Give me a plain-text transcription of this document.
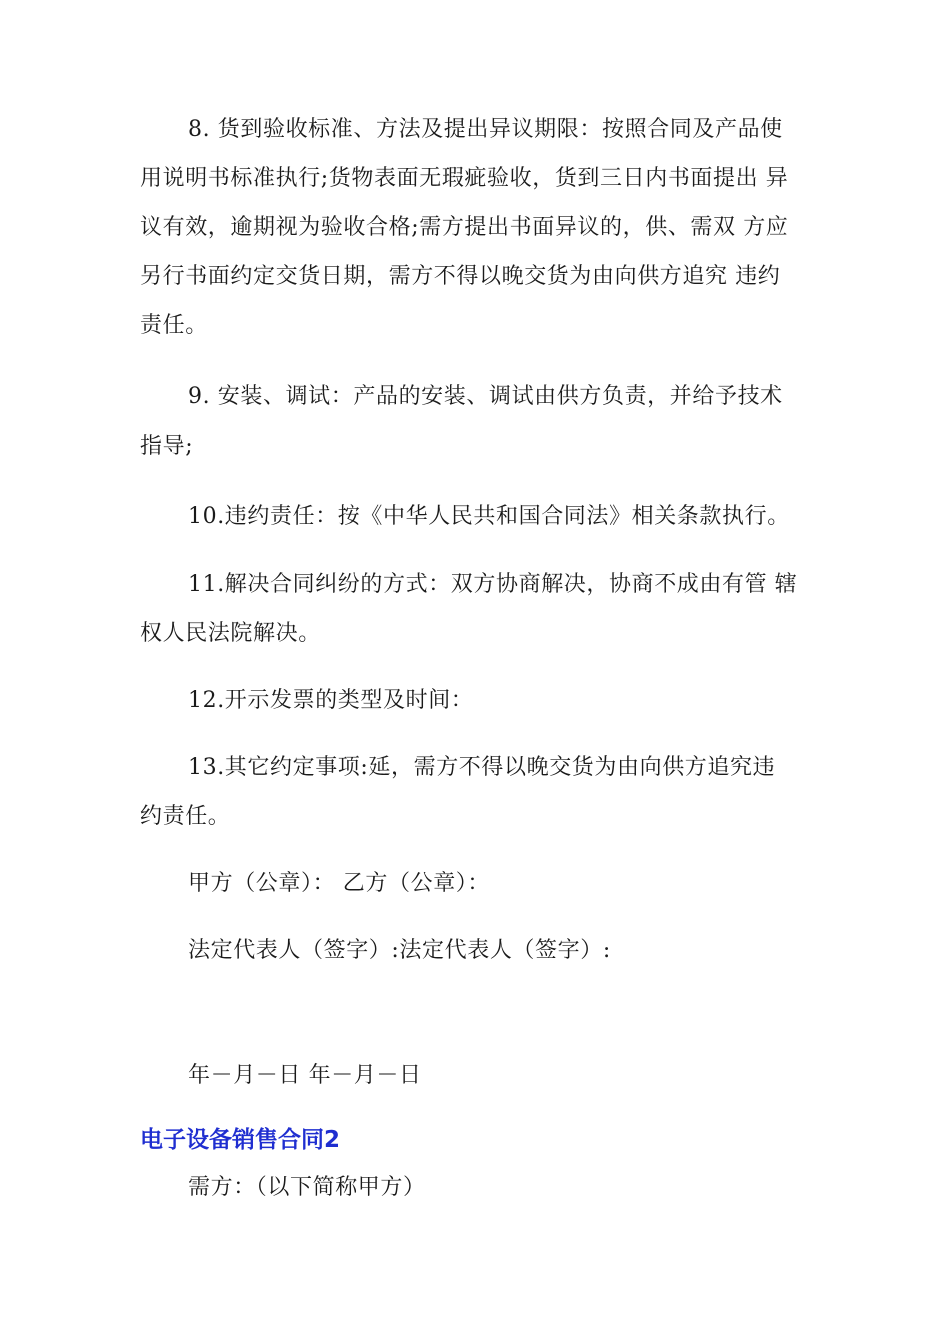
8. 货到验收标准、方法及提出异议期限：按照合同及产品使

用说明书标准执行;货物表面无瑕疵验收，货到三日内书面提出 异

议有效，逾期视为验收合格;需方提出书面异议的，供、需双 方应

另行书面约定交货日期，需方不得以晚交货为由向供方追究 违约

责任。

9. 安装、调试：产品的安装、调试由供方负责，并给予技术

指导;

10.违约责任：按《中华人民共和国合同法》相关条款执行。

11.解决合同纠纷的方式：双方协商解决，协商不成由有管 辖

权人民法院解决。

12.开示发票的类型及时间：

13.其它约定事项:延，需方不得以晚交货为由向供方追究违

约责任。

甲方（公章）： 乙方（公章）：

法定代表人（签字）:法定代表人（签字）:

年－月－日 年－月－日

电子设备销售合同2

需方：（以下简称甲方）
